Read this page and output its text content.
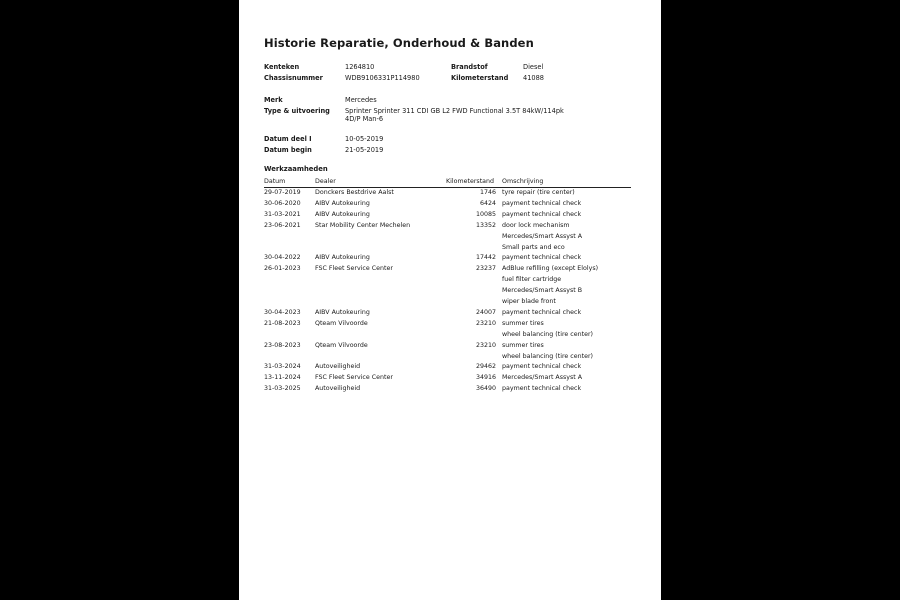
Historie Reparatie, Onderhoud & Banden
Kenteken	1264810	Brandstof	Diesel
Chassisnummer	WDB9106331P114980	Kilometerstand 41088
Merk	Mercedes
Type & uitvoering Sprinter Sprinter 311 CDI GB L2 FWD Functional 3.5T 84kW/114pk
4D/P Man-6
Datum deel I	10-05-2019
Datum begin	21-05-2019
Werkzaamheden
Datum	Dealer	Kilometerstand Omschrijving
29-07-2019 Donckers Bestdrive Aalst	1746 tyre repair (tire center)
30-06-2020 AIBV Autokeuring	6424 payment technical check
31-03-2021 AIBV Autokeuring	10085 payment technical check
23-06-2021 Star Mobility Center Mechelen	13352 door lock mechanism
Mercedes/Smart Assyst A
Small parts and eco
30-04-2022 AIBV Autokeuring	17442 payment technical check
26-01-2023 FSC Fleet Service Center	23237 AdBlue refilling (except Elolys)
fuel filter cartridge
Mercedes/Smart Assyst B
wiper blade front
30-04-2023 AIBV Autokeuring	24007 payment technical check
21-08-2023 Qteam Vilvoorde	23210 summer tires
wheel balancing (tire center)
23-08-2023 Qteam Vilvoorde	23210 summer tires
wheel balancing (tire center)
31-03-2024 Autoveiligheid	29462 payment technical check
13-11-2024 FSC Fleet Service Center	34916 Mercedes/Smart Assyst A
31-03-2025 Autoveiligheid	36490 payment technical check
